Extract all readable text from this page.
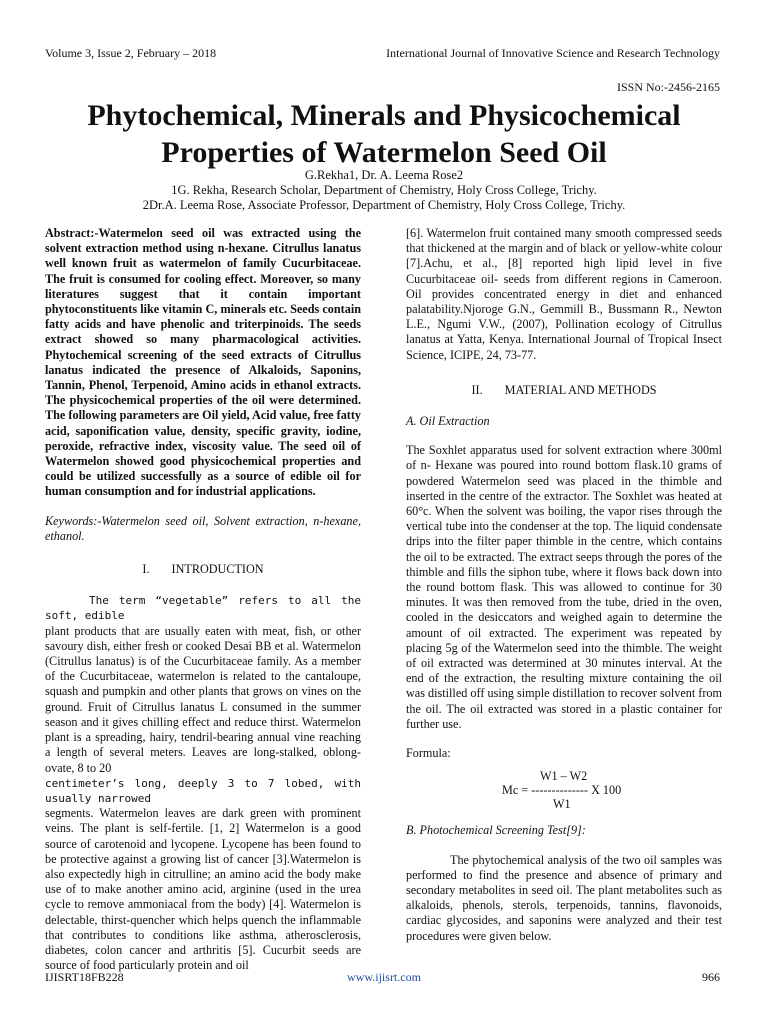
Volume 3, Issue 2, February – 2018	International Journal of Innovative Science and Research Technology
ISSN No:-2456-2165
Phytochemical, Minerals and Physicochemical Properties of Watermelon Seed Oil
G.Rekha1, Dr. A. Leema Rose2
1G. Rekha, Research Scholar, Department of Chemistry, Holy Cross College, Trichy.
2Dr.A. Leema Rose, Associate Professor, Department of Chemistry, Holy Cross College, Trichy.

Abstract:-Watermelon seed oil was extracted using the solvent extraction method using n-hexane. Citrullus lanatus well known fruit as watermelon of family Cucurbitaceae. The fruit is consumed for cooling effect. Moreover, so many literatures suggest that it contain important phytoconstituents like vitamin C, minerals etc. Seeds contain fatty acids and have phenolic and triterpinoids. The seeds extract showed so many pharmacological activities. Phytochemical screening of the seed extracts of Citrullus lanatus indicated the presence of Alkaloids, Saponins, Tannin, Phenol, Terpenoid, Amino acids in ethanol extracts. The physicochemical properties of the oil were determined. The following parameters are Oil yield, Acid value, free fatty acid, saponification value, density, specific gravity, iodine, peroxide, refractive index, viscosity value. The seed oil of Watermelon showed good physicochemical properties and could be utilized successfully as a source of edible oil for human consumption and for industrial applications.

Keywords:-Watermelon seed oil, Solvent extraction, n-hexane, ethanol.

I. INTRODUCTION

The term “vegetable” refers to all the soft, edible

plant products that are usually eaten with meat, fish, or other savoury dish, either fresh or cooked Desai BB et al. Watermelon (Citrullus lanatus) is of the Cucurbitaceae family. As a member of the Cucurbitaceae, watermelon is related to the cantaloupe, squash and pumpkin and other plants that grows on vines on the ground. Fruit of Citrullus lanatus L consumed in the summer season and it gives chilling effect and reduce thirst. Watermelon plant is a spreading, hairy, tendril-bearing annual vine reaching a length of several meters. Leaves are long-stalked, oblong-ovate, 8 to 20

centimeter’s long, deeply 3 to 7 lobed, with usually narrowed

segments. Watermelon leaves are dark green with prominent veins. The plant is self-fertile. [1, 2] Watermelon is a good source of carotenoid and lycopene. Lycopene has been found to be protective against a growing list of cancer [3].Watermelon is also expectedly high in citrulline; an amino acid the body make use of to make another amino acid, arginine (used in the urea cycle to remove ammoniacal from the body) [4]. Watermelon is delectable, thirst-quencher which helps quench the inflammable that contributes to conditions like asthma, atherosclerosis, diabetes, colon cancer and arthritis [5]. Cucurbit seeds are source of food particularly protein and oil

[6]. Watermelon fruit contained many smooth compressed seeds that thickened at the margin and of black or yellow-white colour [7].Achu, et al., [8] reported high lipid level in five Cucurbitaceae oil- seeds from different regions in Cameroon. Oil provides concentrated energy in diet and enhanced palatability.Njoroge G.N., Gemmill B., Bussmann R., Newton L.E., Ngumi V.W., (2007), Pollination ecology of Citrullus lanatus at Yatta, Kenya. International Journal of Tropical Insect Science, ICIPE, 24, 73-77.

II. MATERIAL AND METHODS

A. Oil Extraction

The Soxhlet apparatus used for solvent extraction where 300ml of n- Hexane was poured into round bottom flask.10 grams of powdered Watermelon seed was placed in the thimble and inserted in the centre of the extractor. The Soxhlet was heated at 60°c. When the solvent was boiling, the vapor rises through the vertical tube into the condenser at the top. The liquid condensate drips into the filter paper thimble in the centre, which contains the oil to be extracted. The extract seeps through the pores of the thimble and fills the siphon tube, where it flows back down into the round bottom flask. This was allowed to continue for 30 minutes. It was then removed from the tube, dried in the oven, cooled in the desiccators and weighed again to determine the amount of oil extracted. The experiment was repeated by placing 5g of the Watermelon seed into the thimble. The weight of oil extracted was determined at 30 minutes interval. At the end of the extraction, the resulting mixture containing the oil was distilled off using simple distillation to recover solvent from the oil. The oil extracted was stored in a plastic container for further use.

Formula:

W1 – W2
Mc = -------------- X 100
W1

B. Photochemical Screening Test[9]:

The phytochemical analysis of the two oil samples was performed to find the presence and absence of primary and secondary metabolites in seed oil. The plant metabolites such as alkaloids, phenols, sterols, terpenoids, tannins, flavonoids, cardiac glycosides, and saponins were analyzed and their test procedures were given below.

IJISRT18FB228	www.ijisrt.com	966
